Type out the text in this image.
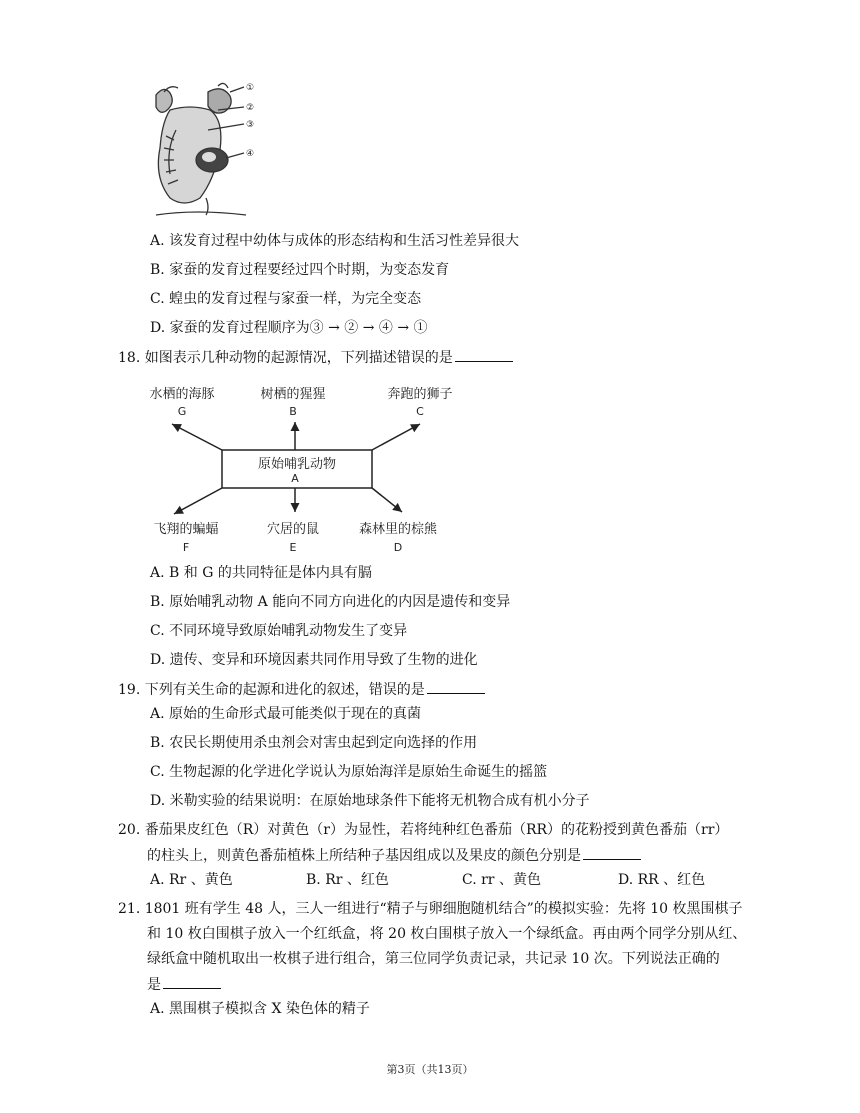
①
②
③
④
A. 该发育过程中幼体与成体的形态结构和生活习性差异很大
B. 家蚕的发育过程要经过四个时期，为变态发育
C. 蝗虫的发育过程与家蚕一样，为完全变态
D. 家蚕的发育过程顺序为③ → ② → ④ → ①
18. 如图表示几种动物的起源情况，下列描述错误的是
原始哺乳动物
A
水栖的海豚
G
树栖的猩猩
B
奔跑的狮子
C
飞翔的蝙蝠
F
穴居的鼠
E
森林里的棕熊
D
A. B 和 G 的共同特征是体内具有膈
B. 原始哺乳动物 A 能向不同方向进化的内因是遗传和变异
C. 不同环境导致原始哺乳动物发生了变异
D. 遗传、变异和环境因素共同作用导致了生物的进化
19. 下列有关生命的起源和进化的叙述，错误的是
A. 原始的生命形式最可能类似于现在的真菌
B. 农民长期使用杀虫剂会对害虫起到定向选择的作用
C. 生物起源的化学进化学说认为原始海洋是原始生命诞生的摇篮
D. 米勒实验的结果说明：在原始地球条件下能将无机物合成有机小分子
20. 番茄果皮红色（R）对黄色（r）为显性，若将纯种红色番茄（RR）的花粉授到黄色番茄（rr）
的柱头上，则黄色番茄植株上所结种子基因组成以及果皮的颜色分别是
A. Rr 、黄色	B. Rr 、红色	C. rr 、黄色	D. RR 、红色
21. 1801 班有学生 48 人，三人一组进行“精子与卵细胞随机结合”的模拟实验：先将 10 枚黑围棋子
和 10 枚白围棋子放入一个红纸盒，将 20 枚白围棋子放入一个绿纸盒。再由两个同学分别从红、
绿纸盒中随机取出一枚棋子进行组合，第三位同学负责记录，共记录 10 次。下列说法正确的
是
A. 黑围棋子模拟含 X 染色体的精子
第3页（共13页）
